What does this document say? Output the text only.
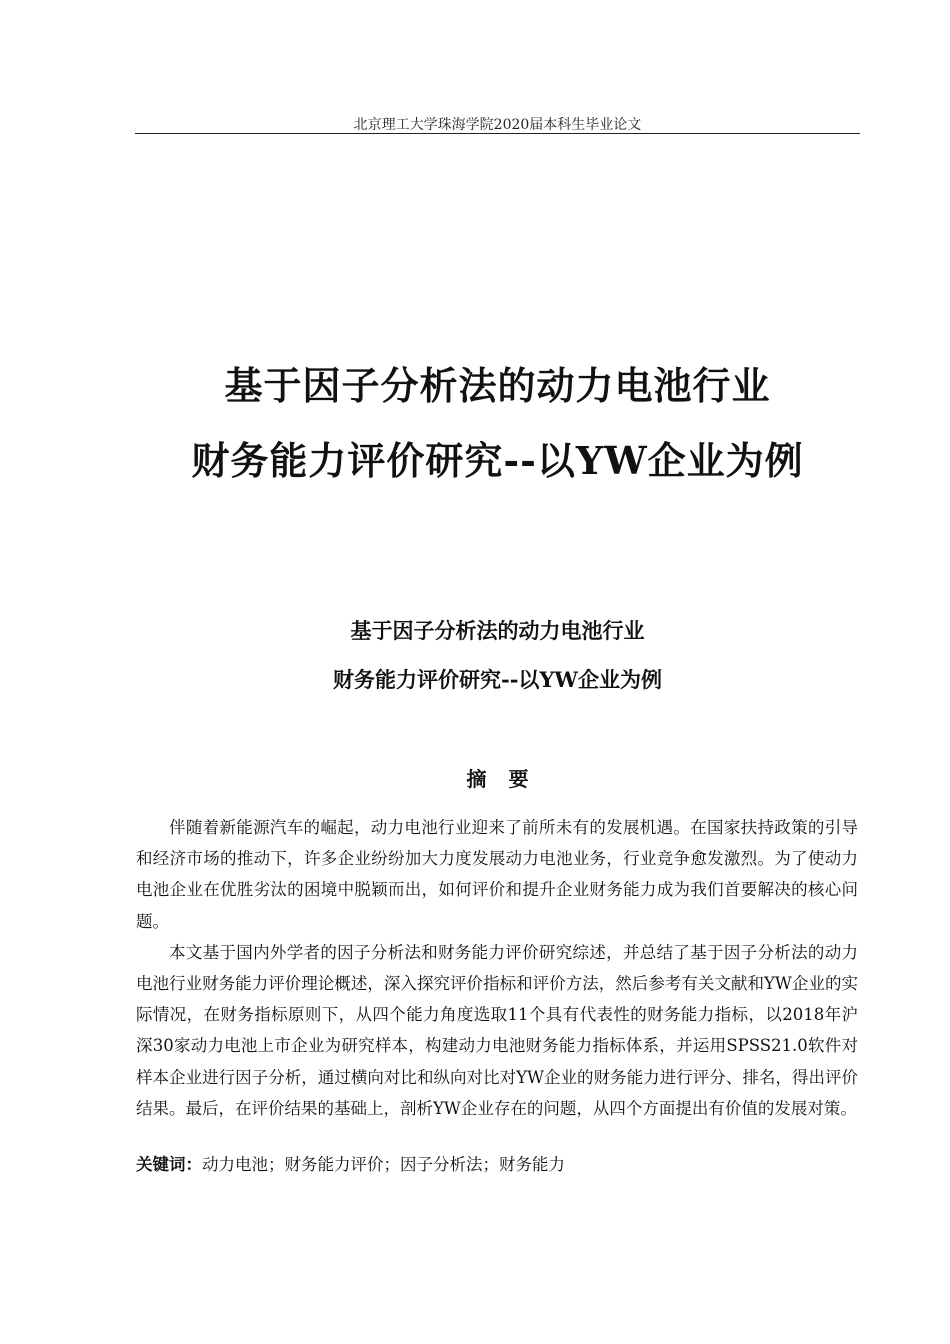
北京理工大学珠海学院2020届本科生毕业论文
基于因子分析法的动力电池行业
财务能力评价研究--以YW企业为例
基于因子分析法的动力电池行业
财务能力评价研究--以YW企业为例
摘要

伴随着新能源汽车的崛起，动力电池行业迎来了前所未有的发展机遇。在国家扶持政策的引导和经济市场的推动下，许多企业纷纷加大力度发展动力电池业务，行业竞争愈发激烈。为了使动力电池企业在优胜劣汰的困境中脱颖而出，如何评价和提升企业财务能力成为我们首要解决的核心问题。

本文基于国内外学者的因子分析法和财务能力评价研究综述，并总结了基于因子分析法的动力电池行业财务能力评价理论概述，深入探究评价指标和评价方法，然后参考有关文献和YW企业的实际情况，在财务指标原则下，从四个能力角度选取11个具有代表性的财务能力指标，以2018年沪深30家动力电池上市企业为研究样本，构建动力电池财务能力指标体系，并运用SPSS21.0软件对样本企业进行因子分析，通过横向对比和纵向对比对YW企业的财务能力进行评分、排名，得出评价结果。最后，在评价结果的基础上，剖析YW企业存在的问题，从四个方面提出有价值的发展对策。

关键词：动力电池；财务能力评价；因子分析法；财务能力
